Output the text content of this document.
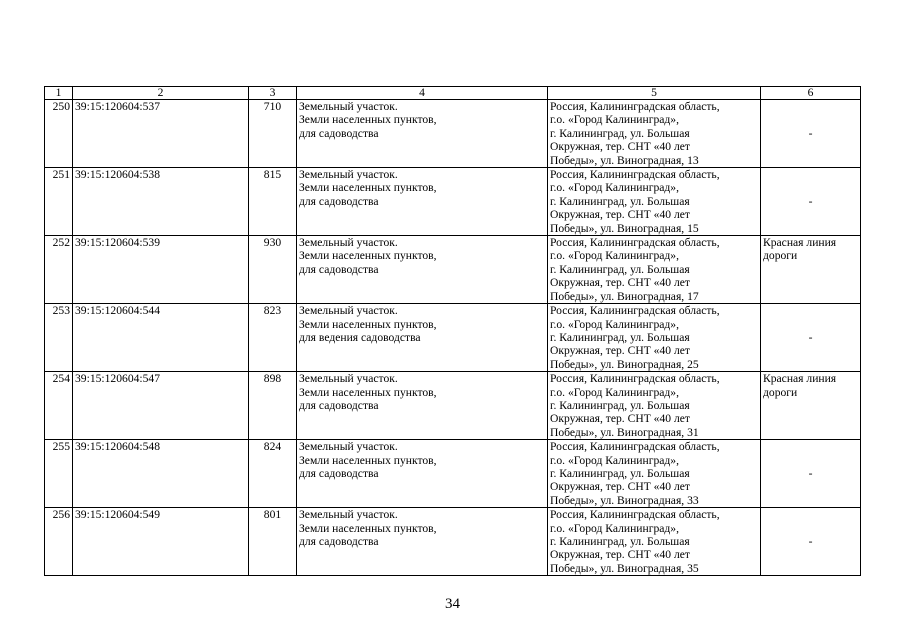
1	2	3	4	5	6

250	39:15:120604:537	710	Земельный участок.
Земли населенных пунктов,
для садоводства	Россия, Калининградская область,
г.о. «Город Калининград»,
г. Калининград, ул. Большая
Окружная, тер. СНТ «40 лет
Победы», ул. Виноградная, 13	-

251	39:15:120604:538	815	Земельный участок.
Земли населенных пунктов,
для садоводства	Россия, Калининградская область,
г.о. «Город Калининград»,
г. Калининград, ул. Большая
Окружная, тер. СНТ «40 лет
Победы», ул. Виноградная, 15	-

252	39:15:120604:539	930	Земельный участок.
Земли населенных пунктов,
для садоводства	Россия, Калининградская область,
г.о. «Город Калининград»,
г. Калининград, ул. Большая
Окружная, тер. СНТ «40 лет
Победы», ул. Виноградная, 17	Красная линия
дороги

253	39:15:120604:544	823	Земельный участок.
Земли населенных пунктов,
для ведения садоводства	Россия, Калининградская область,
г.о. «Город Калининград»,
г. Калининград, ул. Большая
Окружная, тер. СНТ «40 лет
Победы», ул. Виноградная, 25	-

254	39:15:120604:547	898	Земельный участок.
Земли населенных пунктов,
для садоводства	Россия, Калининградская область,
г.о. «Город Калининград»,
г. Калининград, ул. Большая
Окружная, тер. СНТ «40 лет
Победы», ул. Виноградная, 31	Красная линия
дороги

255	39:15:120604:548	824	Земельный участок.
Земли населенных пунктов,
для садоводства	Россия, Калининградская область,
г.о. «Город Калининград»,
г. Калининград, ул. Большая
Окружная, тер. СНТ «40 лет
Победы», ул. Виноградная, 33	-

256	39:15:120604:549	801	Земельный участок.
Земли населенных пунктов,
для садоводства	Россия, Калининградская область,
г.о. «Город Калининград»,
г. Калининград, ул. Большая
Окружная, тер. СНТ «40 лет
Победы», ул. Виноградная, 35	-
34
